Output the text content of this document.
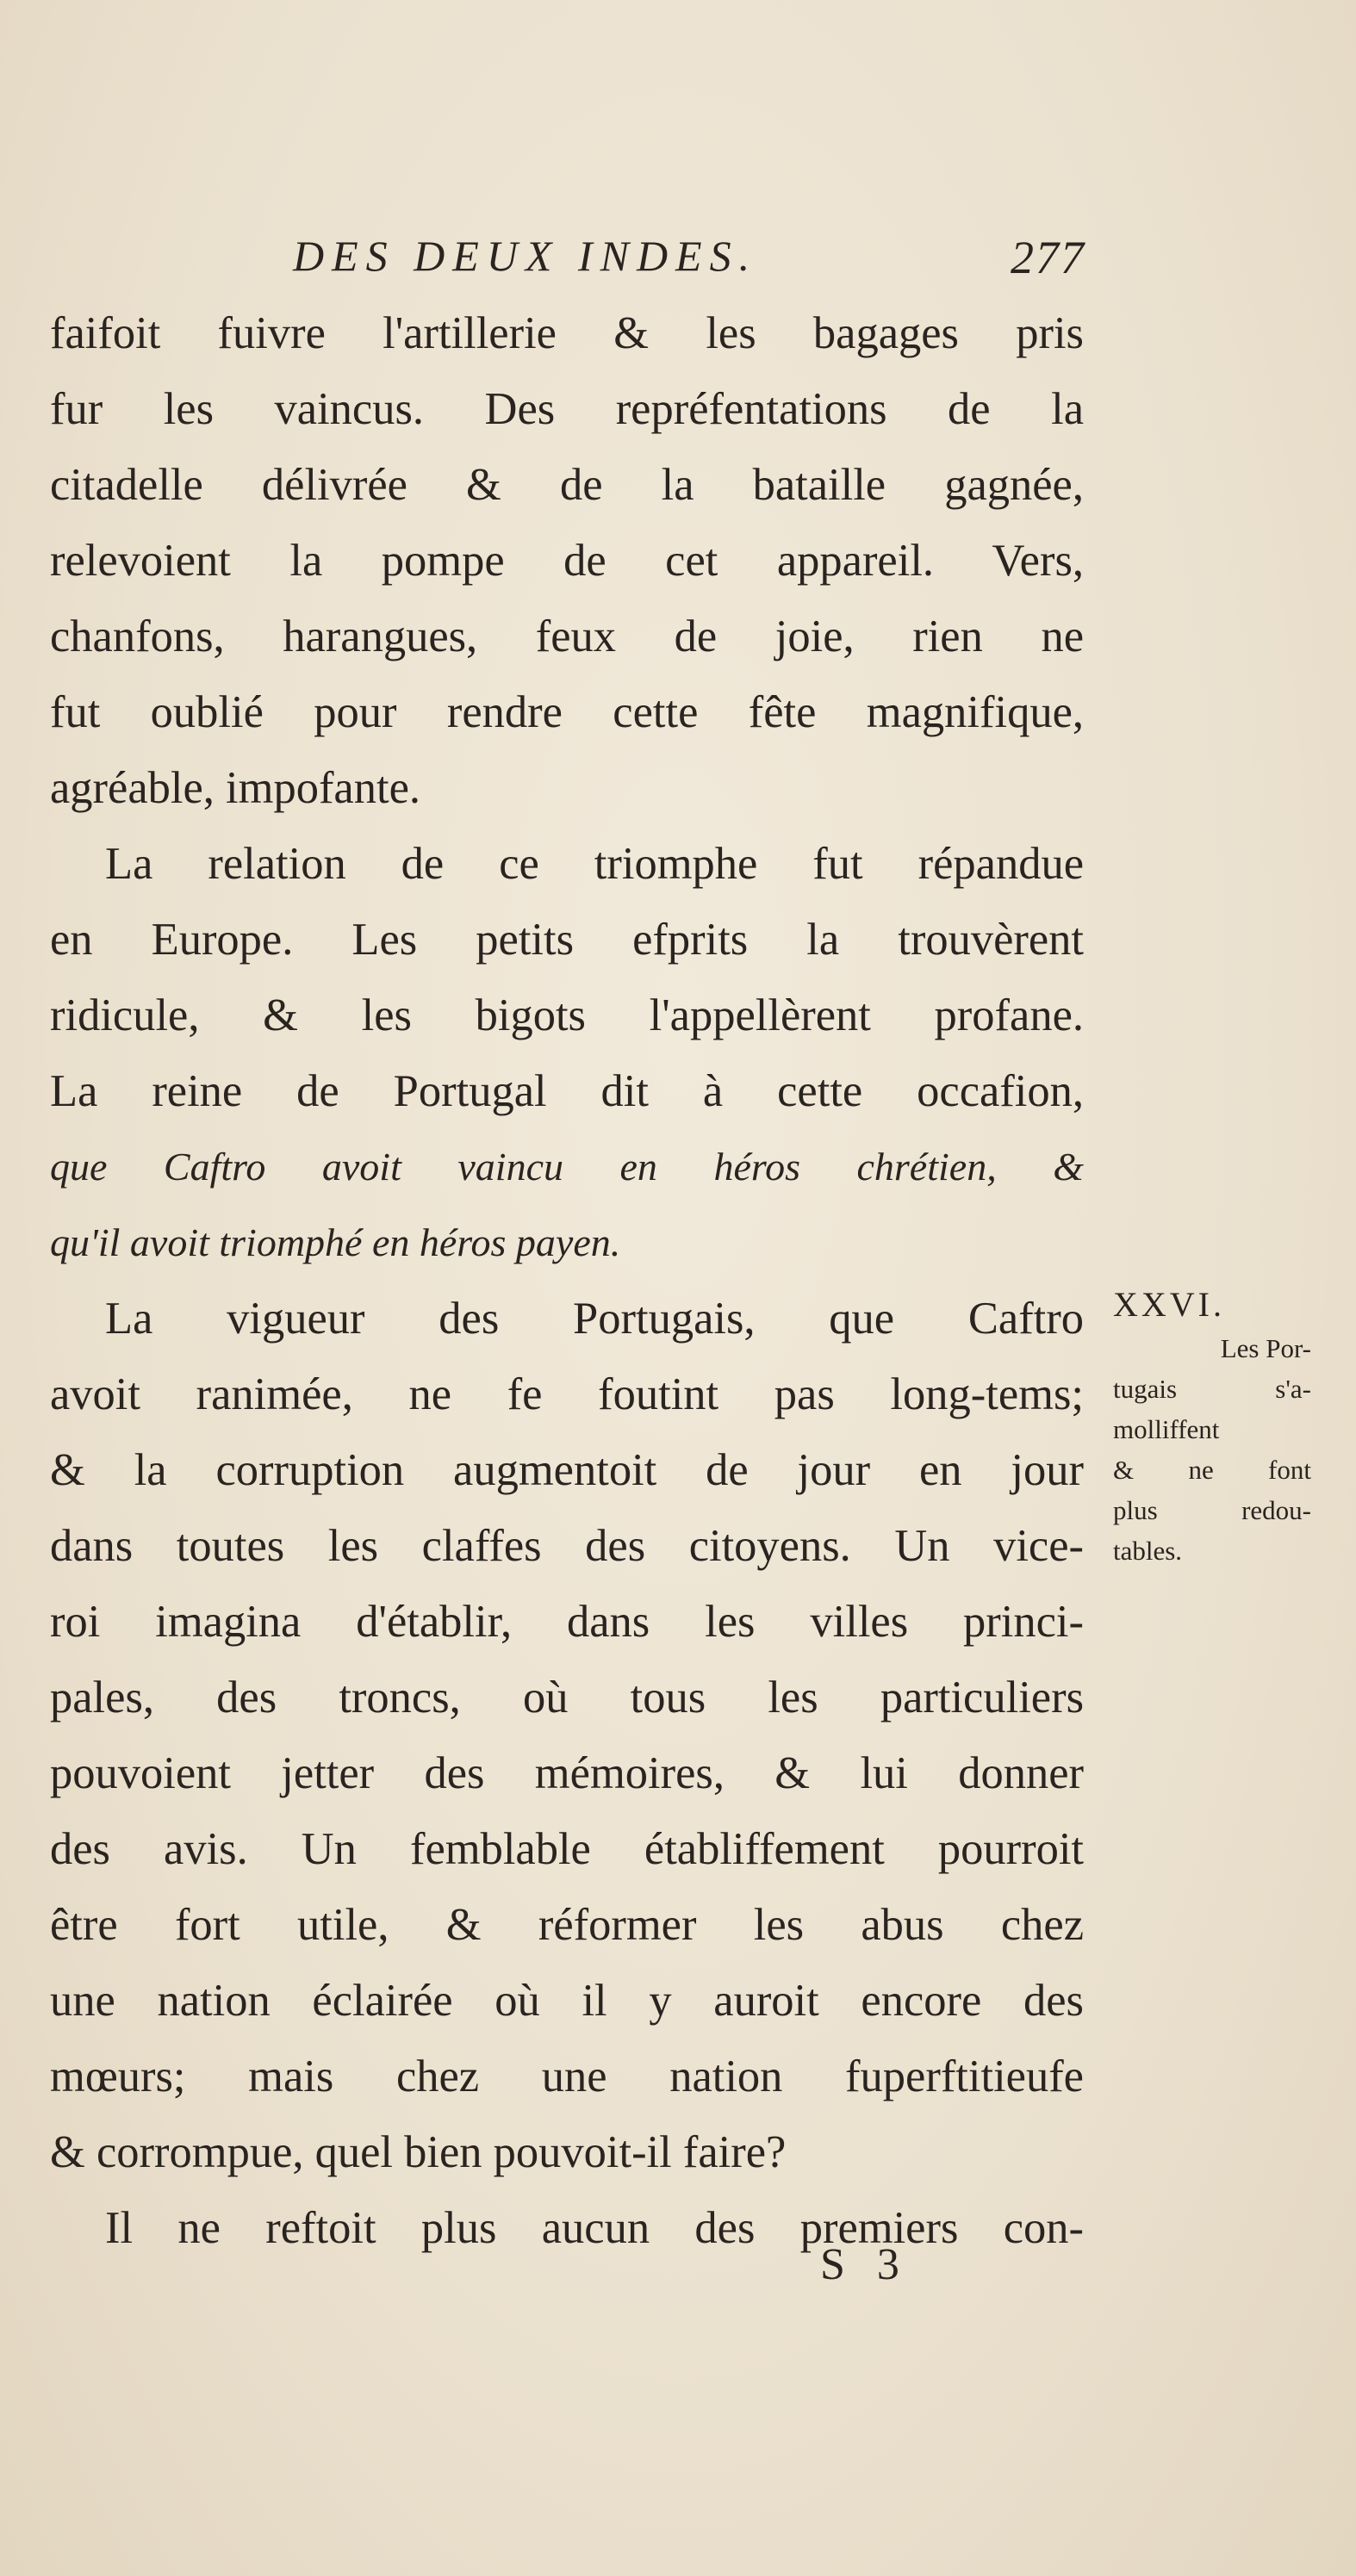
DES DEUX INDES.	277
faifoit fuivre l'artillerie & les bagages pris
fur les vaincus. Des repréfentations de la
citadelle délivrée & de la bataille gagnée,
relevoient la pompe de cet appareil. Vers,
chanfons, harangues, feux de joie, rien ne
fut oublié pour rendre cette fête magnifique,
agréable, impofante.
La relation de ce triomphe fut répandue
en Europe. Les petits efprits la trouvèrent
ridicule, & les bigots l'appellèrent profane.
La reine de Portugal dit à cette occafion,
que Caftro avoit vaincu en héros chrétien, &
qu'il avoit triomphé en héros payen.
La vigueur des Portugais, que Caftro
avoit ranimée, ne fe foutint pas long-tems;
& la corruption augmentoit de jour en jour
dans toutes les claffes des citoyens. Un vice-
roi imagina d'établir, dans les villes princi-
pales, des troncs, où tous les particuliers
pouvoient jetter des mémoires, & lui donner
des avis. Un femblable établiffement pourroit
être fort utile, & réformer les abus chez
une nation éclairée où il y auroit encore des
mœurs; mais chez une nation fuperftitieufe
& corrompue, quel bien pouvoit-il faire?
Il ne reftoit plus aucun des premiers con-
XXVI.
Les Por-
tugais s'a-
molliffent
& ne font
plus redou-
tables.
S 3
